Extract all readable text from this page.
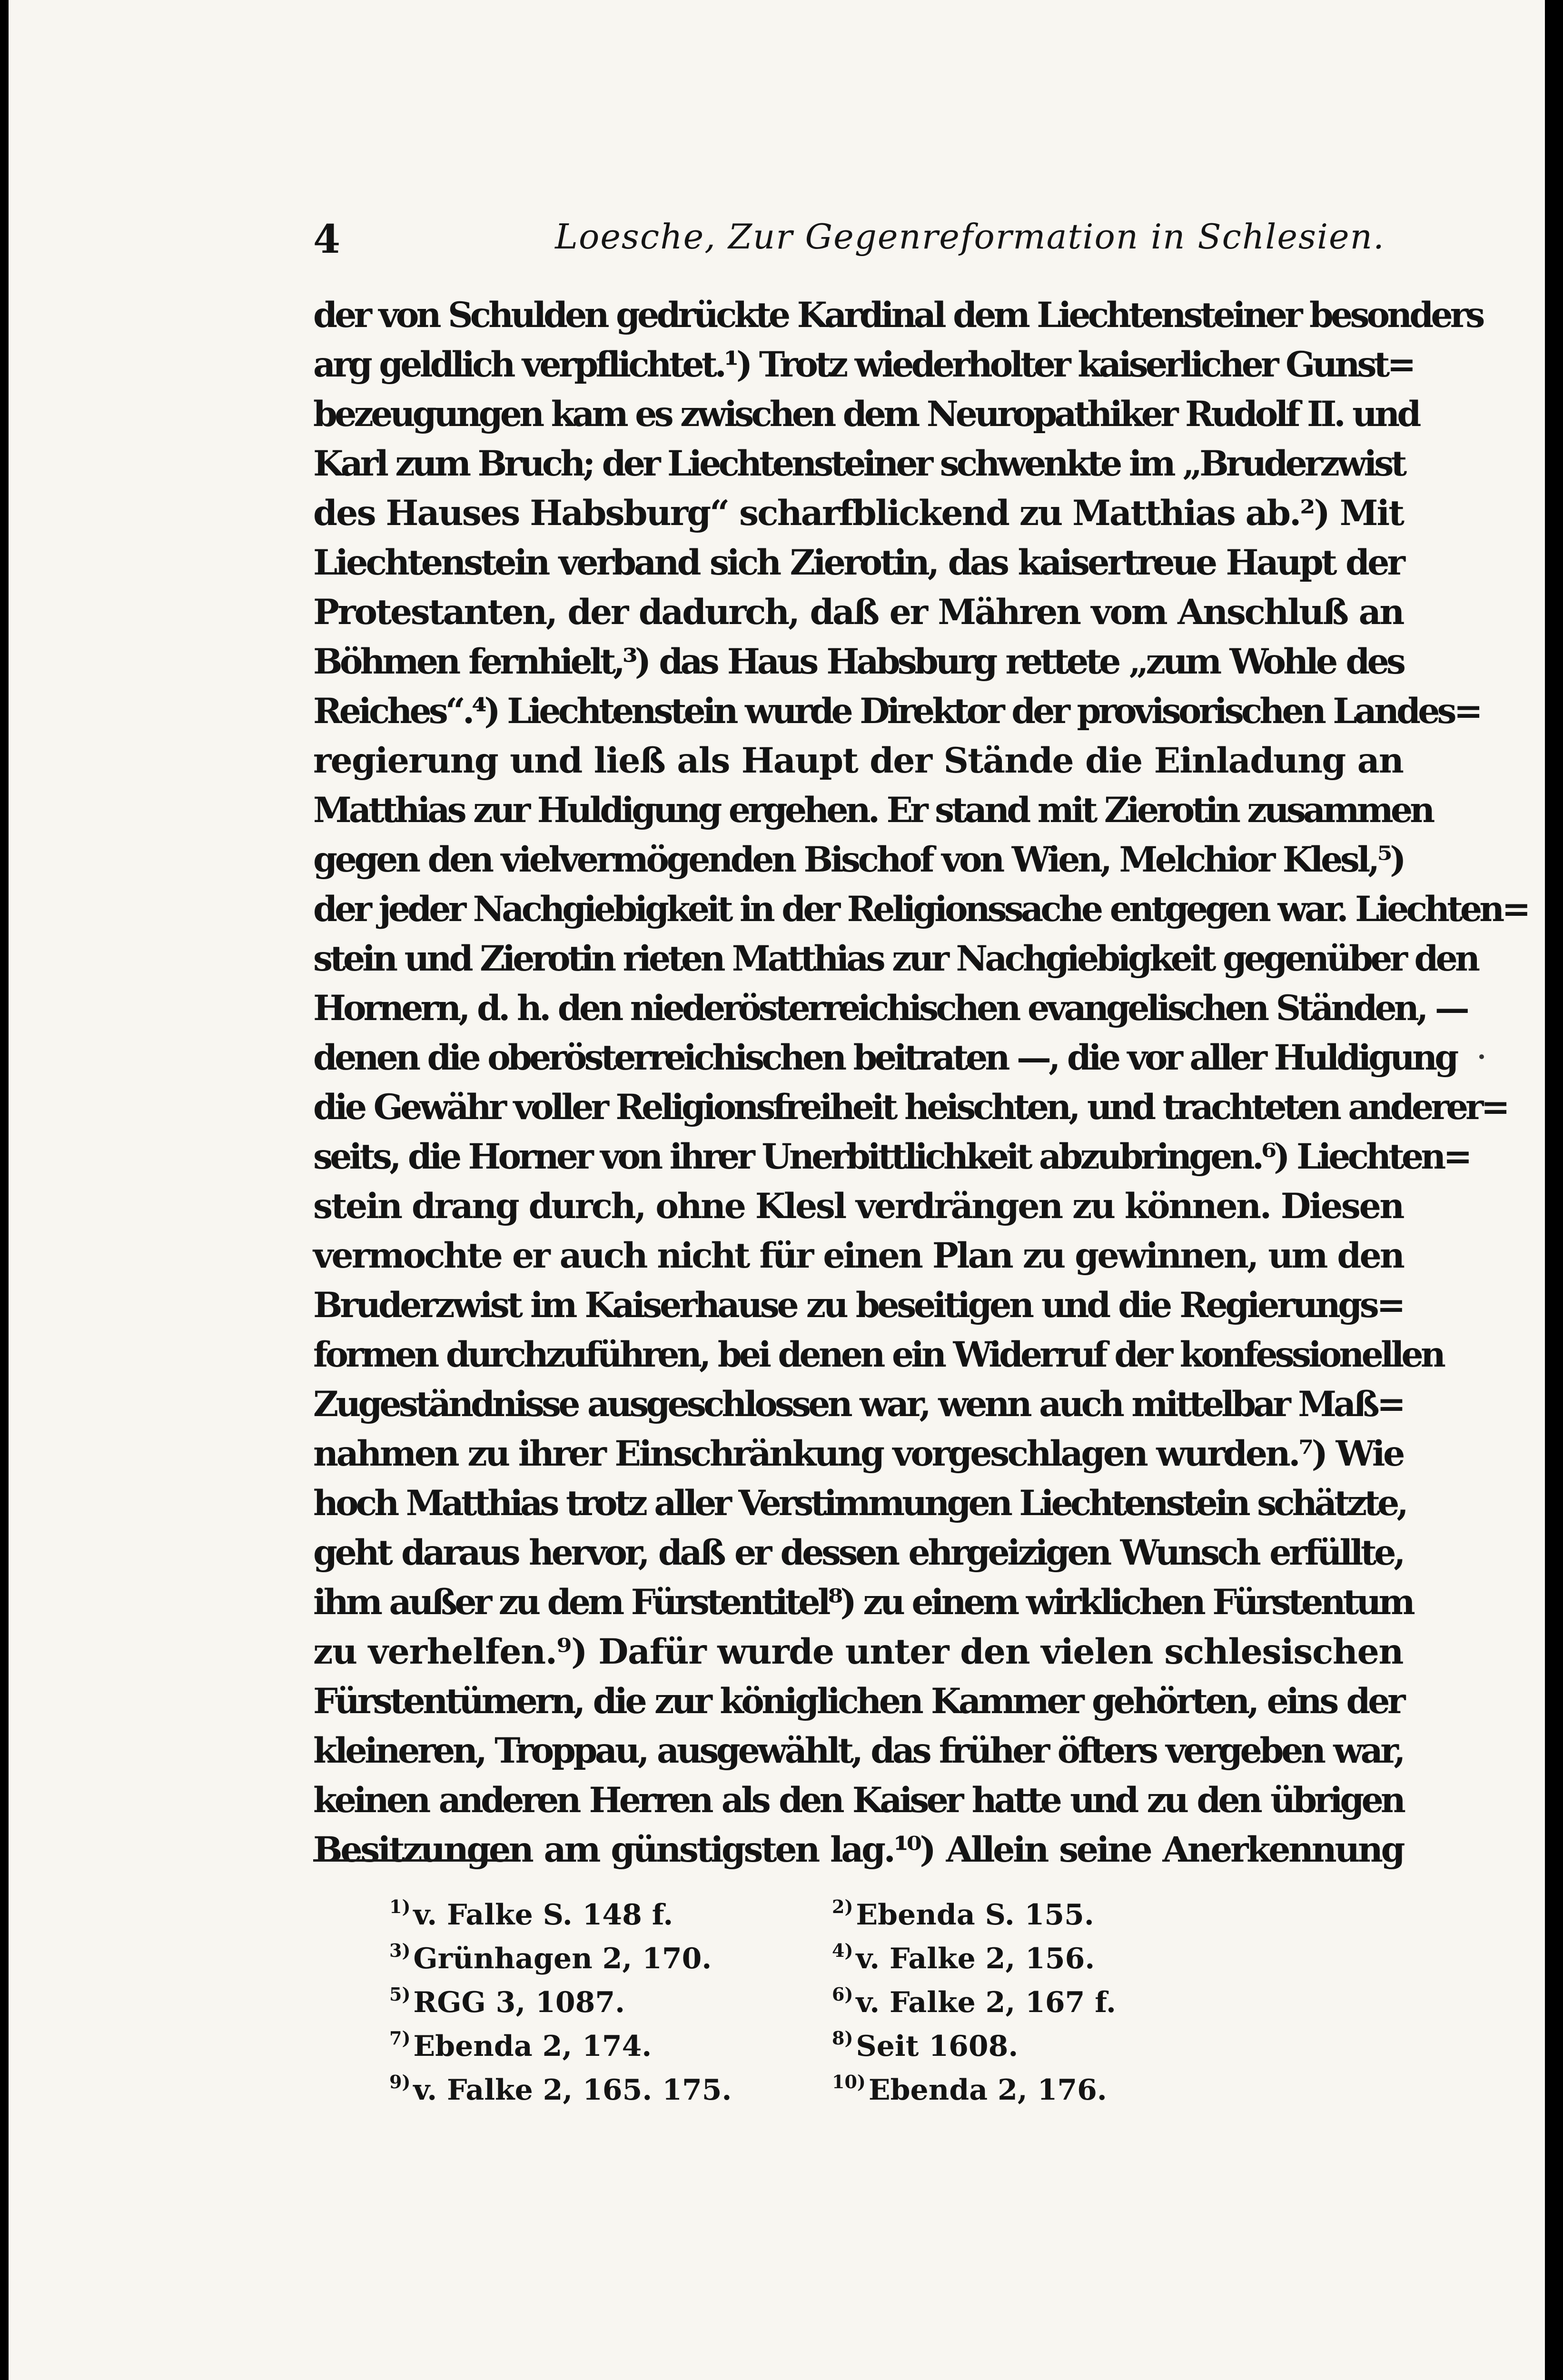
4	Loesche, Zur Gegenreformation in Schlesien.
der von Schulden gedrückte Kardinal dem Liechtensteiner besonders
arg geldlich verpflichtet.¹) Trotz wiederholter kaiserlicher Gunst=
bezeugungen kam es zwischen dem Neuropathiker Rudolf II. und
Karl zum Bruch; der Liechtensteiner schwenkte im „Bruderzwist
des Hauses Habsburg“ scharfblickend zu Matthias ab.²) Mit
Liechtenstein verband sich Zierotin, das kaisertreue Haupt der
Protestanten, der dadurch, daß er Mähren vom Anschluß an
Böhmen fernhielt,³) das Haus Habsburg rettete „zum Wohle des
Reiches“.⁴) Liechtenstein wurde Direktor der provisorischen Landes=
regierung und ließ als Haupt der Stände die Einladung an
Matthias zur Huldigung ergehen. Er stand mit Zierotin zusammen
gegen den vielvermögenden Bischof von Wien, Melchior Klesl,⁵)
der jeder Nachgiebigkeit in der Religionssache entgegen war. Liechten=
stein und Zierotin rieten Matthias zur Nachgiebigkeit gegenüber den
Hornern, d. h. den niederösterreichischen evangelischen Ständen, —
denen die oberösterreichischen beitraten —, die vor aller Huldigung
die Gewähr voller Religionsfreiheit heischten, und trachteten anderer=
seits, die Horner von ihrer Unerbittlichkeit abzubringen.⁶) Liechten=
stein drang durch, ohne Klesl verdrängen zu können. Diesen
vermochte er auch nicht für einen Plan zu gewinnen, um den
Bruderzwist im Kaiserhause zu beseitigen und die Regierungs=
formen durchzuführen, bei denen ein Widerruf der konfessionellen
Zugeständnisse ausgeschlossen war, wenn auch mittelbar Maß=
nahmen zu ihrer Einschränkung vorgeschlagen wurden.⁷) Wie
hoch Matthias trotz aller Verstimmungen Liechtenstein schätzte,
geht daraus hervor, daß er dessen ehrgeizigen Wunsch erfüllte,
ihm außer zu dem Fürstentitel⁸) zu einem wirklichen Fürstentum
zu verhelfen.⁹) Dafür wurde unter den vielen schlesischen
Fürstentümern, die zur königlichen Kammer gehörten, eins der
kleineren, Troppau, ausgewählt, das früher öfters vergeben war,
keinen anderen Herren als den Kaiser hatte und zu den übrigen
Besitzungen am günstigsten lag.¹⁰) Allein seine Anerkennung
$^{1)}$ v. Falke S. 148 f.	$^{2)}$ Ebenda S. 155.
$^{3)}$ Grünhagen 2, 170.	$^{4)}$ v. Falke 2, 156.
$^{5)}$ RGG 3, 1087.	$^{6)}$ v. Falke 2, 167 f.
$^{7)}$ Ebenda 2, 174.	$^{8)}$ Seit 1608.
$^{9)}$ v. Falke 2, 165. 175.	$^{10)}$ Ebenda 2, 176.
